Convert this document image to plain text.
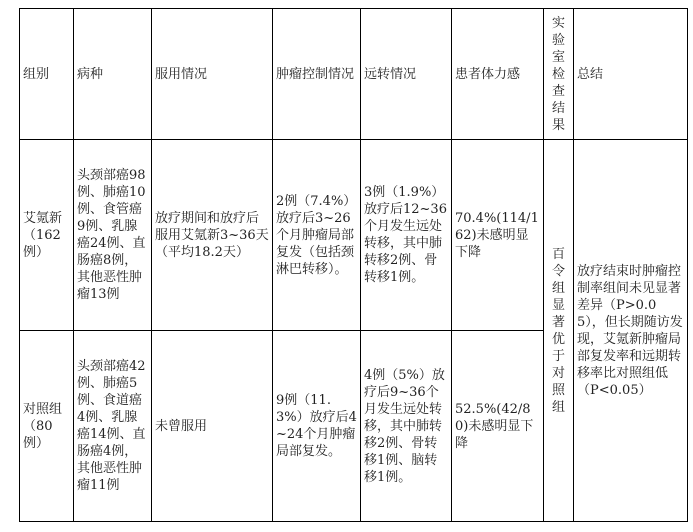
组别	病种	服用情况	肿瘤控制情况	远转情况	患者体力感	实验室检查结果	总结
艾氪新（162例）	头颈部癌98例、肺癌10例、食管癌9例、乳腺癌24例、直肠癌8例，其他恶性肿瘤13例	放疗期间和放疗后服用艾氪新3~36天（平均18.2天）	2例（7.4%）放疗后3~26个月肿瘤局部复发（包括颈淋巴转移）。	3例（1.9%）放疗后12~36个月发生远处转移，其中肺转移2例、骨转移1例。	70.4%(114/162)未感明显下降	百令组显著优于对照组	放疗结束时肿瘤控制率组间未见显著差异（P>0.05），但长期随访发现，艾氪新肿瘤局部复发率和远期转移率比对照组低（P<0.05）
对照组（80例）	头颈部癌42例、肺癌5例、食道癌4例、乳腺癌14例、直肠癌4例，其他恶性肿瘤11例	未曾服用	9例（11.3%）放疗后4~24个月肿瘤局部复发。	4例（5%）放疗后9~36个月发生远处转移，其中肺转移2例、骨转移1例、脑转移1例。	52.5%(42/80)未感明显下降		
